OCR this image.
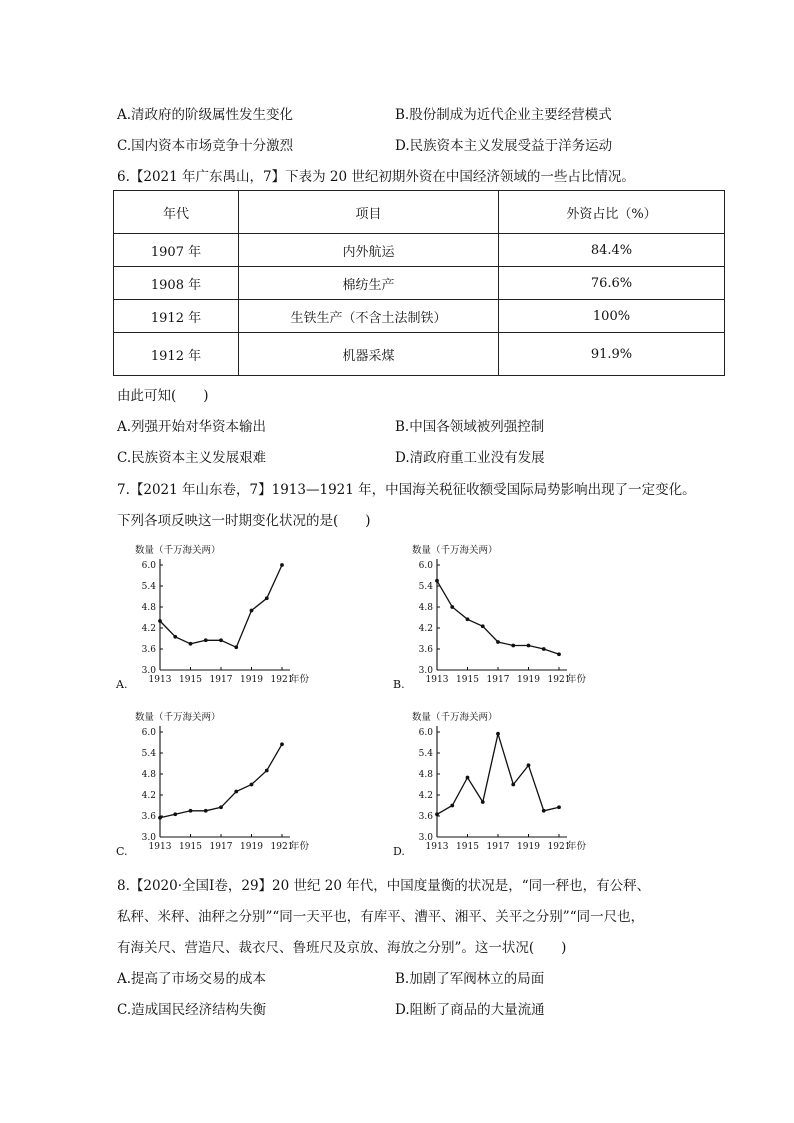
A.清政府的阶级属性发生变化	B.股份制成为近代企业主要经营模式
C.国内资本市场竞争十分激烈	D.民族资本主义发展受益于洋务运动
6.【2021 年广东禺山，7】下表为 20 世纪初期外资在中国经济领域的一些占比情况。
年代	项目	外资占比（%）
1907 年	内外航运	84.4%
1908 年	棉纺生产	76.6%
1912 年	生铁生产（不含土法制铁）	100%
1912 年	机器采煤	91.9%
由此可知(　　)
A.列强开始对华资本输出	B.中国各领域被列强控制
C.民族资本主义发展艰难	D.清政府重工业没有发展
7.【2021 年山东卷，7】1913—1921 年，中国海关税征收额受国际局势影响出现了一定变化。
下列各项反映这一时期变化状况的是(　　)
数量（千万海关两）
3.0
3.6
4.2
4.8
5.4
6.0
1913 1915 1917 1919 1921
年份
A.
数量（千万海关两）
3.0
3.6
4.2
4.8
5.4
6.0
1913 1915 1917 1919 1921
年份
B.
数量（千万海关两）
3.0
3.6
4.2
4.8
5.4
6.0
1913 1915 1917 1919 1921
年份
C.
数量（千万海关两）
3.0
3.6
4.2
4.8
5.4
6.0
1913 1915 1917 1919 1921
年份
D.
8.【2020·全国Ⅰ卷，29】20 世纪 20 年代，中国度量衡的状况是，“同一秤也，有公秤、
私秤、米秤、油秤之分别”“同一天平也，有库平、漕平、湘平、关平之分别”“同一尺也，
有海关尺、营造尺、裁衣尺、鲁班尺及京放、海放之分别”。这一状况(　　)
A.提高了市场交易的成本	B.加剧了军阀林立的局面
C.造成国民经济结构失衡	D.阻断了商品的大量流通
